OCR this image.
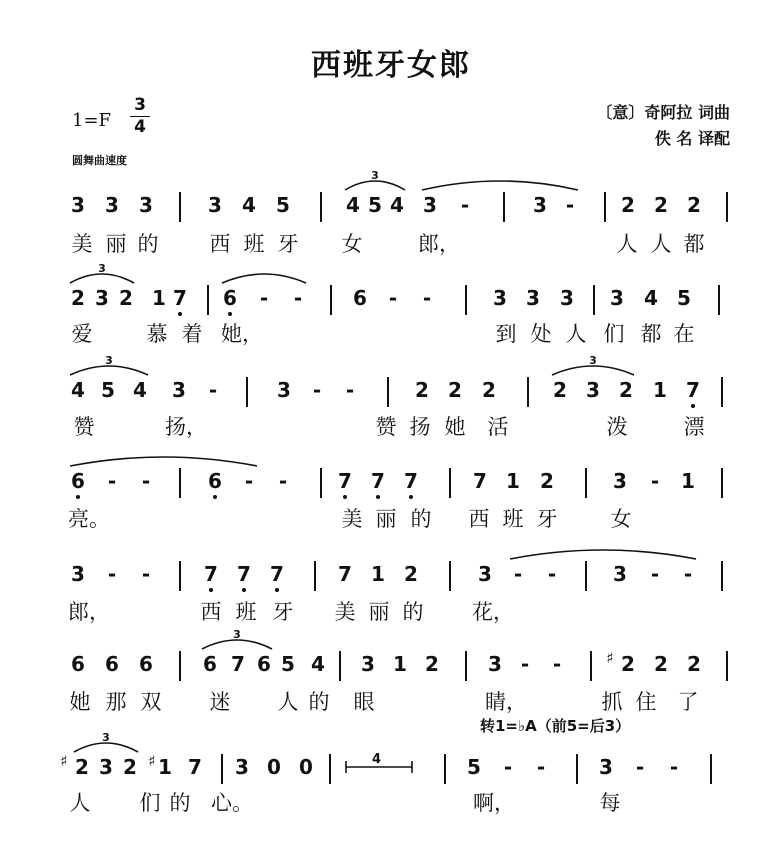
西班牙女郎
1=F
3
4
圆舞曲速度
〔意〕奇阿拉 词曲
佚 名 译配
转1=♭A（前5=后3）
4
3 3 3	3 4 5	4 5 4 3 -	3 - 2 2 2
美 丽 的 西 班 牙 女	郎，	人 人 都
2 3 2 1 7 6 - -	6 - -	3 3 3 3 4 5
爱	慕 着 她，	到 处 人 们 都 在
4 5 4 3 -	3 - -	2 2 2	2 3 2 1 7
赞	扬，	赞 扬 她 活	泼	漂
6 - -	6 - -	7 7 7	7 1 2	3 - 1
亮。	美 丽 的 西 班 牙	女
3 - -	7 7 7	7 1 2	3 - -	3 - -
郎，	西 班 牙 美 丽 的 花，
6 6 6	6 7 6 5 4 3 1 2 3 - -	♯ 2 2 2
她 那 双 迷 人 的 眼	睛，	抓 住 了
♯ 2 3 2 ♯ 1 7 3 0 0	5 - -	3 - -
人 们 的 心。	啊，	每
3
3
3	3
3
3
